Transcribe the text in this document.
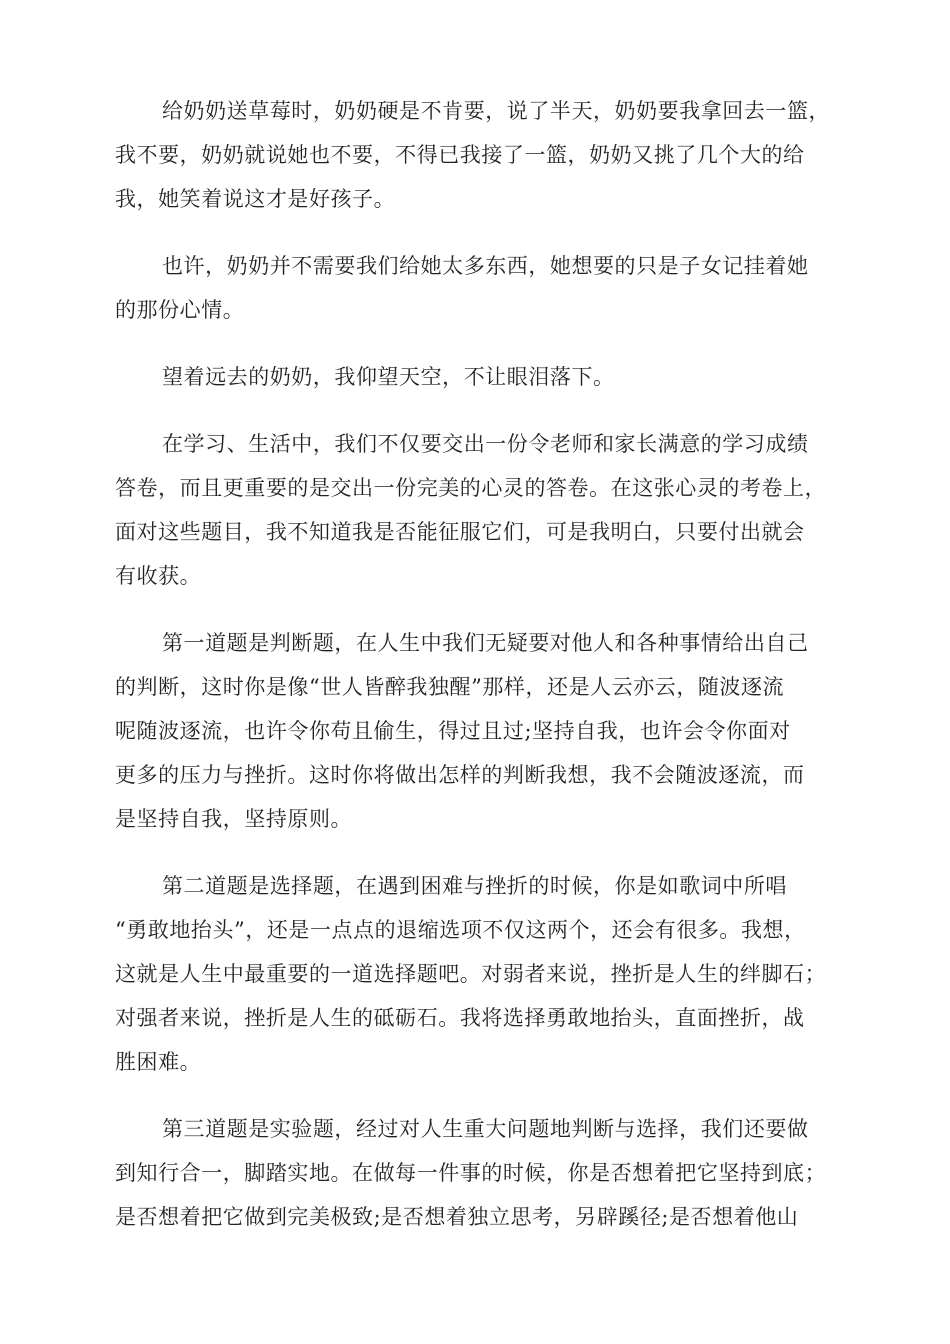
给奶奶送草莓时，奶奶硬是不肯要，说了半天，奶奶要我拿回去一篮，
我不要，奶奶就说她也不要，不得已我接了一篮，奶奶又挑了几个大的给
我，她笑着说这才是好孩子。

也许，奶奶并不需要我们给她太多东西，她想要的只是子女记挂着她
的那份心情。

望着远去的奶奶，我仰望天空，不让眼泪落下。

在学习、生活中，我们不仅要交出一份令老师和家长满意的学习成绩
答卷，而且更重要的是交出一份完美的心灵的答卷。在这张心灵的考卷上，
面对这些题目，我不知道我是否能征服它们，可是我明白，只要付出就会
有收获。

第一道题是判断题，在人生中我们无疑要对他人和各种事情给出自己
的判断，这时你是像“世人皆醉我独醒”那样，还是人云亦云，随波逐流
呢随波逐流，也许令你苟且偷生，得过且过;坚持自我，也许会令你面对
更多的压力与挫折。这时你将做出怎样的判断我想，我不会随波逐流，而
是坚持自我，坚持原则。

第二道题是选择题，在遇到困难与挫折的时候，你是如歌词中所唱
“勇敢地抬头”，还是一点点的退缩选项不仅这两个，还会有很多。我想，
这就是人生中最重要的一道选择题吧。对弱者来说，挫折是人生的绊脚石；
对强者来说，挫折是人生的砥砺石。我将选择勇敢地抬头，直面挫折，战
胜困难。

第三道题是实验题，经过对人生重大问题地判断与选择，我们还要做
到知行合一，脚踏实地。在做每一件事的时候，你是否想着把它坚持到底；
是否想着把它做到完美极致;是否想着独立思考，另辟蹊径;是否想着他山
